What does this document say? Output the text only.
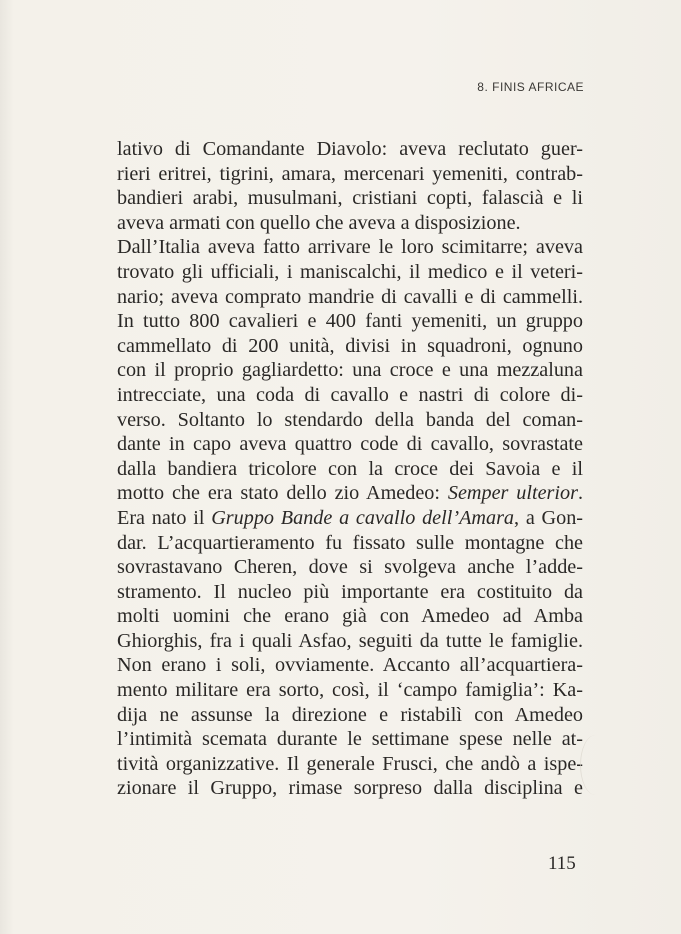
8. FINIS AFRICAE
lativo di Comandante Diavolo: aveva reclutato guer-
rieri eritrei, tigrini, amara, mercenari yemeniti, contrab-
bandieri arabi, musulmani, cristiani copti, falascià e li
aveva armati con quello che aveva a disposizione.
Dall’Italia aveva fatto arrivare le loro scimitarre; aveva
trovato gli ufficiali, i maniscalchi, il medico e il veteri-
nario; aveva comprato mandrie di cavalli e di cammelli.
In tutto 800 cavalieri e 400 fanti yemeniti, un gruppo
cammellato di 200 unità, divisi in squadroni, ognuno
con il proprio gagliardetto: una croce e una mezzaluna
intrecciate, una coda di cavallo e nastri di colore di-
verso. Soltanto lo stendardo della banda del coman-
dante in capo aveva quattro code di cavallo, sovrastate
dalla bandiera tricolore con la croce dei Savoia e il
motto che era stato dello zio Amedeo: Semper ulterior.
Era nato il Gruppo Bande a cavallo dell’Amara, a Gon-
dar. L’acquartieramento fu fissato sulle montagne che
sovrastavano Cheren, dove si svolgeva anche l’adde-
stramento. Il nucleo più importante era costituito da
molti uomini che erano già con Amedeo ad Amba
Ghiorghis, fra i quali Asfao, seguiti da tutte le famiglie.
Non erano i soli, ovviamente. Accanto all’acquartiera-
mento militare era sorto, così, il ‘campo famiglia’: Ka-
dija ne assunse la direzione e ristabilì con Amedeo
l’intimità scemata durante le settimane spese nelle at-
tività organizzative. Il generale Frusci, che andò a ispe-
zionare il Gruppo, rimase sorpreso dalla disciplina e
115
